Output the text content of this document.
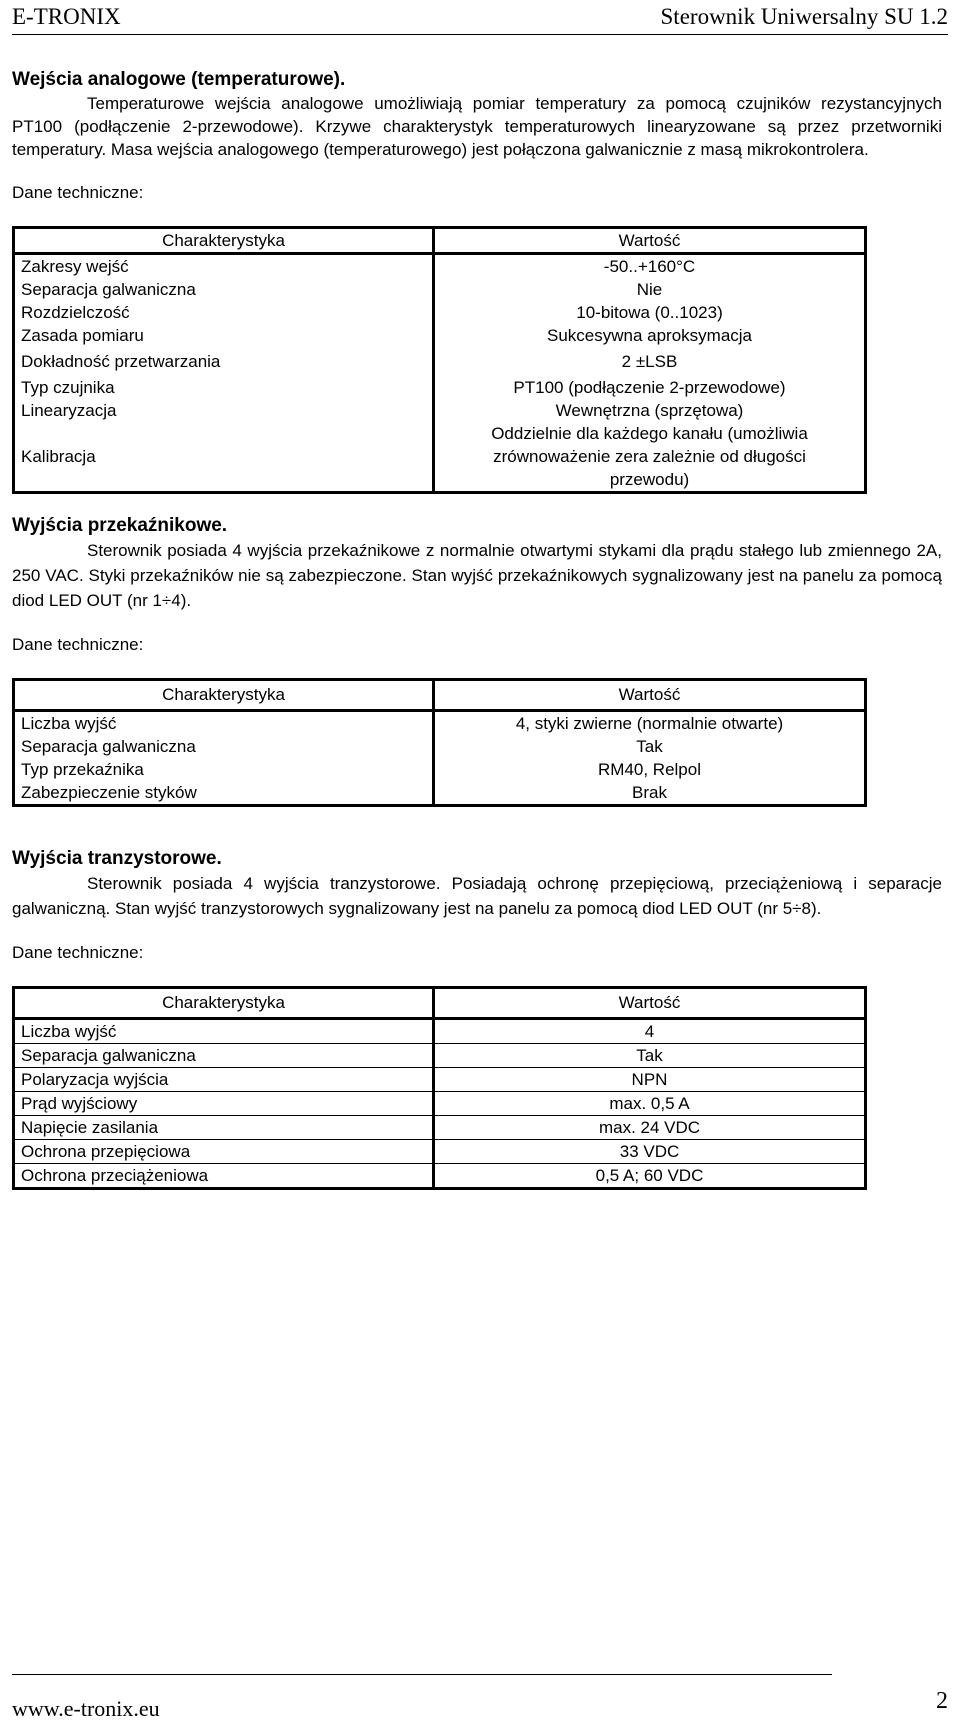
E-TRONIX	Sterownik Uniwersalny SU 1.2
Wejścia analogowe (temperaturowe).

Temperaturowe wejścia analogowe umożliwiają pomiar temperatury za pomocą czujników rezystancyjnych PT100 (podłączenie 2-przewodowe). Krzywe charakterystyk temperaturowych linearyzowane są przez przetworniki temperatury. Masa wejścia analogowego (temperaturowego) jest połączona galwanicznie z masą mikrokontrolera.

Dane techniczne:

Charakterystyka	Wartość
Zakresy wejść	-50..+160°C
Separacja galwaniczna	Nie
Rozdzielczość	10-bitowa (0..1023)
Zasada pomiaru	Sukcesywna aproksymacja
Dokładność przetwarzania	2 ±LSB
Typ czujnika	PT100 (podłączenie 2-przewodowe)
Linearyzacja	Wewnętrzna (sprzętowa)
Kalibracja	Oddzielnie dla każdego kanału (umożliwia zrównoważenie zera zależnie od długości przewodu)
Wyjścia przekaźnikowe.

Sterownik posiada 4 wyjścia przekaźnikowe z normalnie otwartymi stykami dla prądu stałego lub zmiennego 2A, 250 VAC. Styki przekaźników nie są zabezpieczone. Stan wyjść przekaźnikowych sygnalizowany jest na panelu za pomocą diod LED OUT (nr 1÷4).

Dane techniczne:

Charakterystyka	Wartość
Liczba wyjść	4, styki zwierne (normalnie otwarte)
Separacja galwaniczna	Tak
Typ przekaźnika	RM40, Relpol
Zabezpieczenie styków	Brak
Wyjścia tranzystorowe.

Sterownik posiada 4 wyjścia tranzystorowe. Posiadają ochronę przepięciową, przeciążeniową i separacje galwaniczną. Stan wyjść tranzystorowych sygnalizowany jest na panelu za pomocą diod LED OUT (nr 5÷8).

Dane techniczne:

Charakterystyka	Wartość
Liczba wyjść	4
Separacja galwaniczna	Tak
Polaryzacja wyjścia	NPN
Prąd wyjściowy	max. 0,5 A
Napięcie zasilania	max. 24 VDC
Ochrona przepięciowa	33 VDC
Ochrona przeciążeniowa	0,5 A; 60 VDC
www.e-tronix.eu	2
